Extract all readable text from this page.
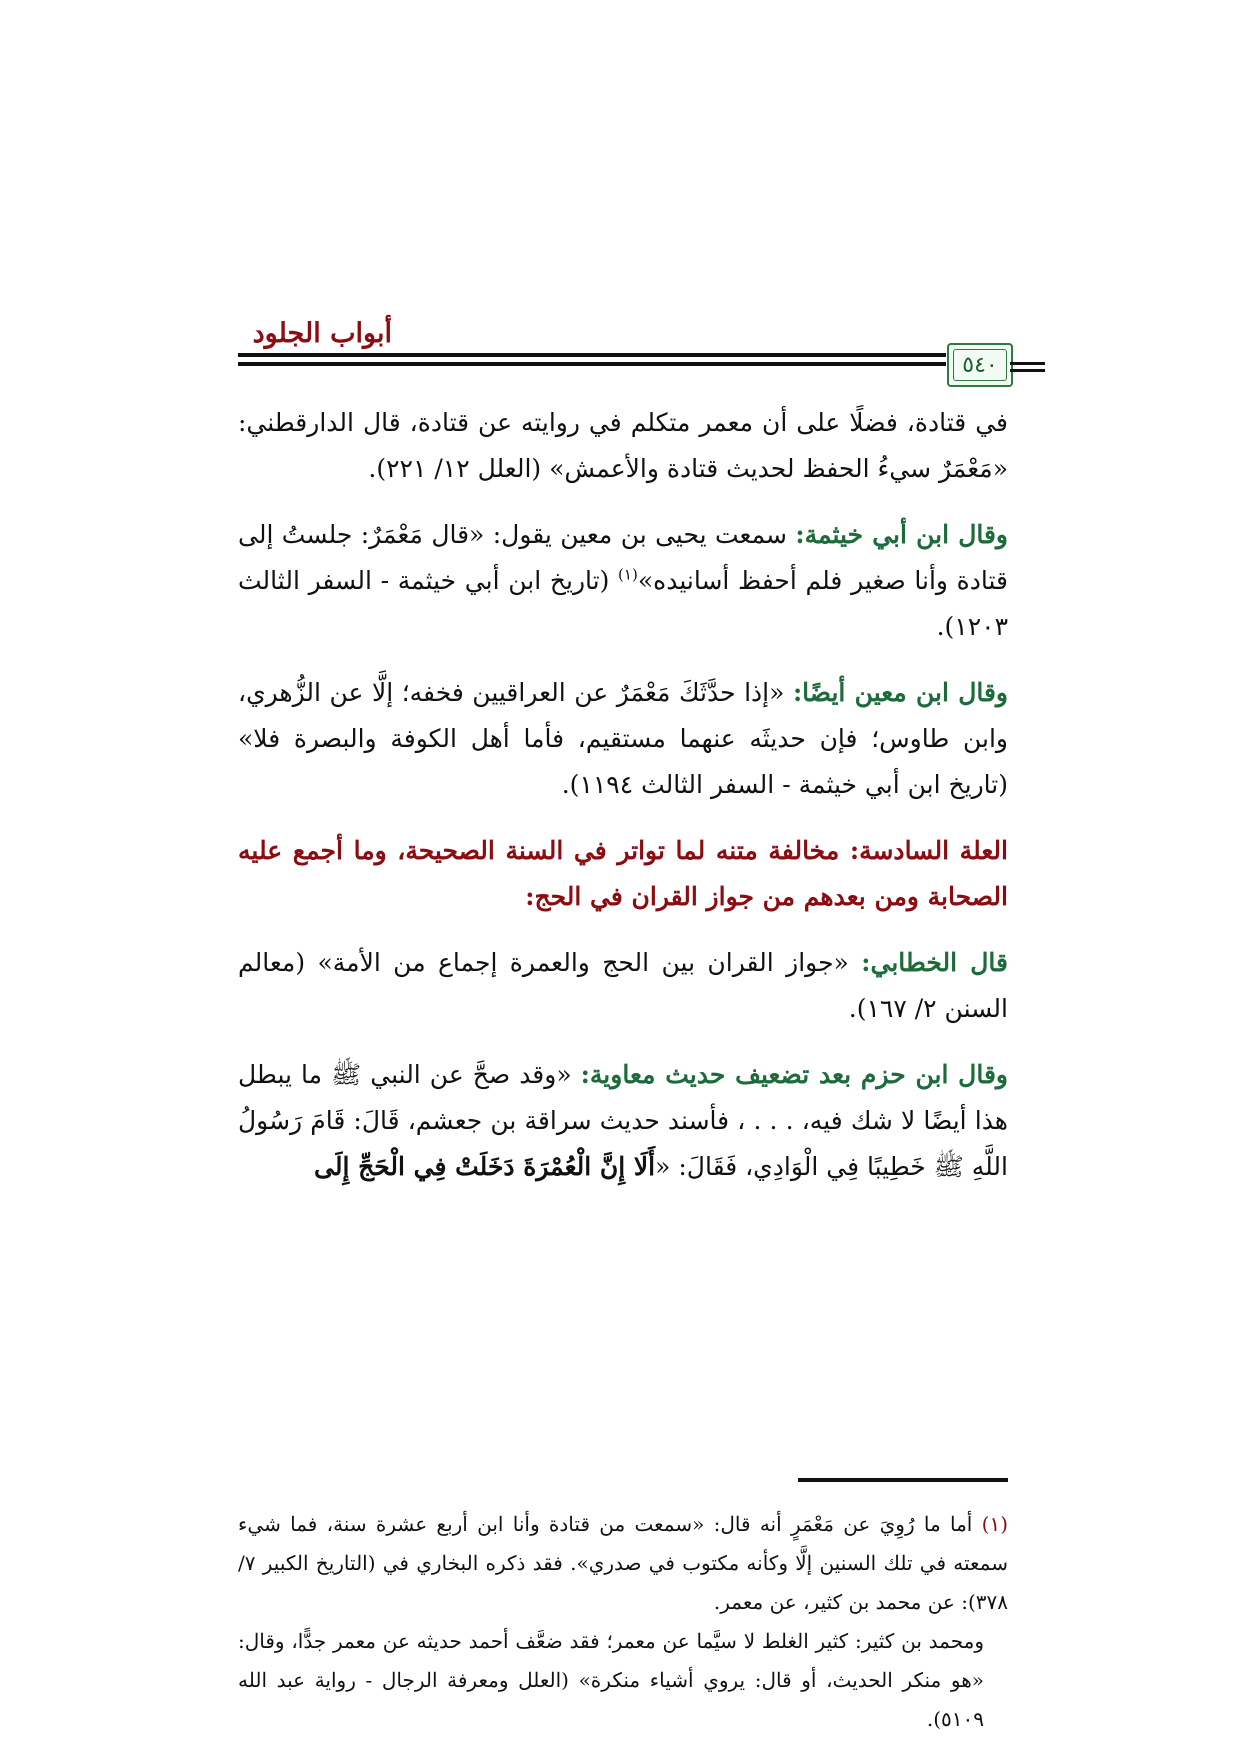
أبواب الجلود
٥٤٠

في قتادة، فضلًا على أن معمر متكلم في روايته عن قتادة، قال الدارقطني: «مَعْمَرٌ سيءُ الحفظ لحديث قتادة والأعمش» (العلل ١٢/ ٢٢١).

وقال ابن أبي خيثمة: سمعت يحيى بن معين يقول: «قال مَعْمَرٌ: جلستُ إلى قتادة وأنا صغير فلم أحفظ أسانيده»$^{(١)}$ (تاريخ ابن أبي خيثمة - السفر الثالث ١٢٠٣).

وقال ابن معين أيضًا: «إذا حدَّثَكَ مَعْمَرٌ عن العراقيين فخفه؛ إلَّا عن الزُّهري، وابن طاوس؛ فإن حديثَه عنهما مستقيم، فأما أهل الكوفة والبصرة فلا» (تاريخ ابن أبي خيثمة - السفر الثالث ١١٩٤).

العلة السادسة: مخالفة متنه لما تواتر في السنة الصحيحة، وما أجمع عليه الصحابة ومن بعدهم من جواز القران في الحج:

قال الخطابي: «جواز القران بين الحج والعمرة إجماع من الأمة» (معالم السنن ٢/ ١٦٧).

وقال ابن حزم بعد تضعيف حديث معاوية: «وقد صحَّ عن النبي ﷺ ما يبطل هذا أيضًا لا شك فيه، . . . ، فأسند حديث سراقة بن جعشم، قَالَ: قَامَ رَسُولُ اللَّهِ ﷺ خَطِيبًا فِي الْوَادِي، فَقَالَ: «أَلَا إِنَّ الْعُمْرَةَ دَخَلَتْ فِي الْحَجِّ إِلَى

(١) أما ما رُوِيَ عن مَعْمَرٍ أنه قال: «سمعت من قتادة وأنا ابن أربع عشرة سنة، فما شيء سمعته في تلك السنين إلَّا وكأنه مكتوب في صدري». فقد ذكره البخاري في (التاريخ الكبير ٧/ ٣٧٨): عن محمد بن كثير، عن معمر.

ومحمد بن كثير: كثير الغلط لا سيَّما عن معمر؛ فقد ضعَّف أحمد حديثه عن معمر جدًّا، وقال: «هو منكر الحديث، أو قال: يروي أشياء منكرة» (العلل ومعرفة الرجال - رواية عبد الله ٥١٠٩).
